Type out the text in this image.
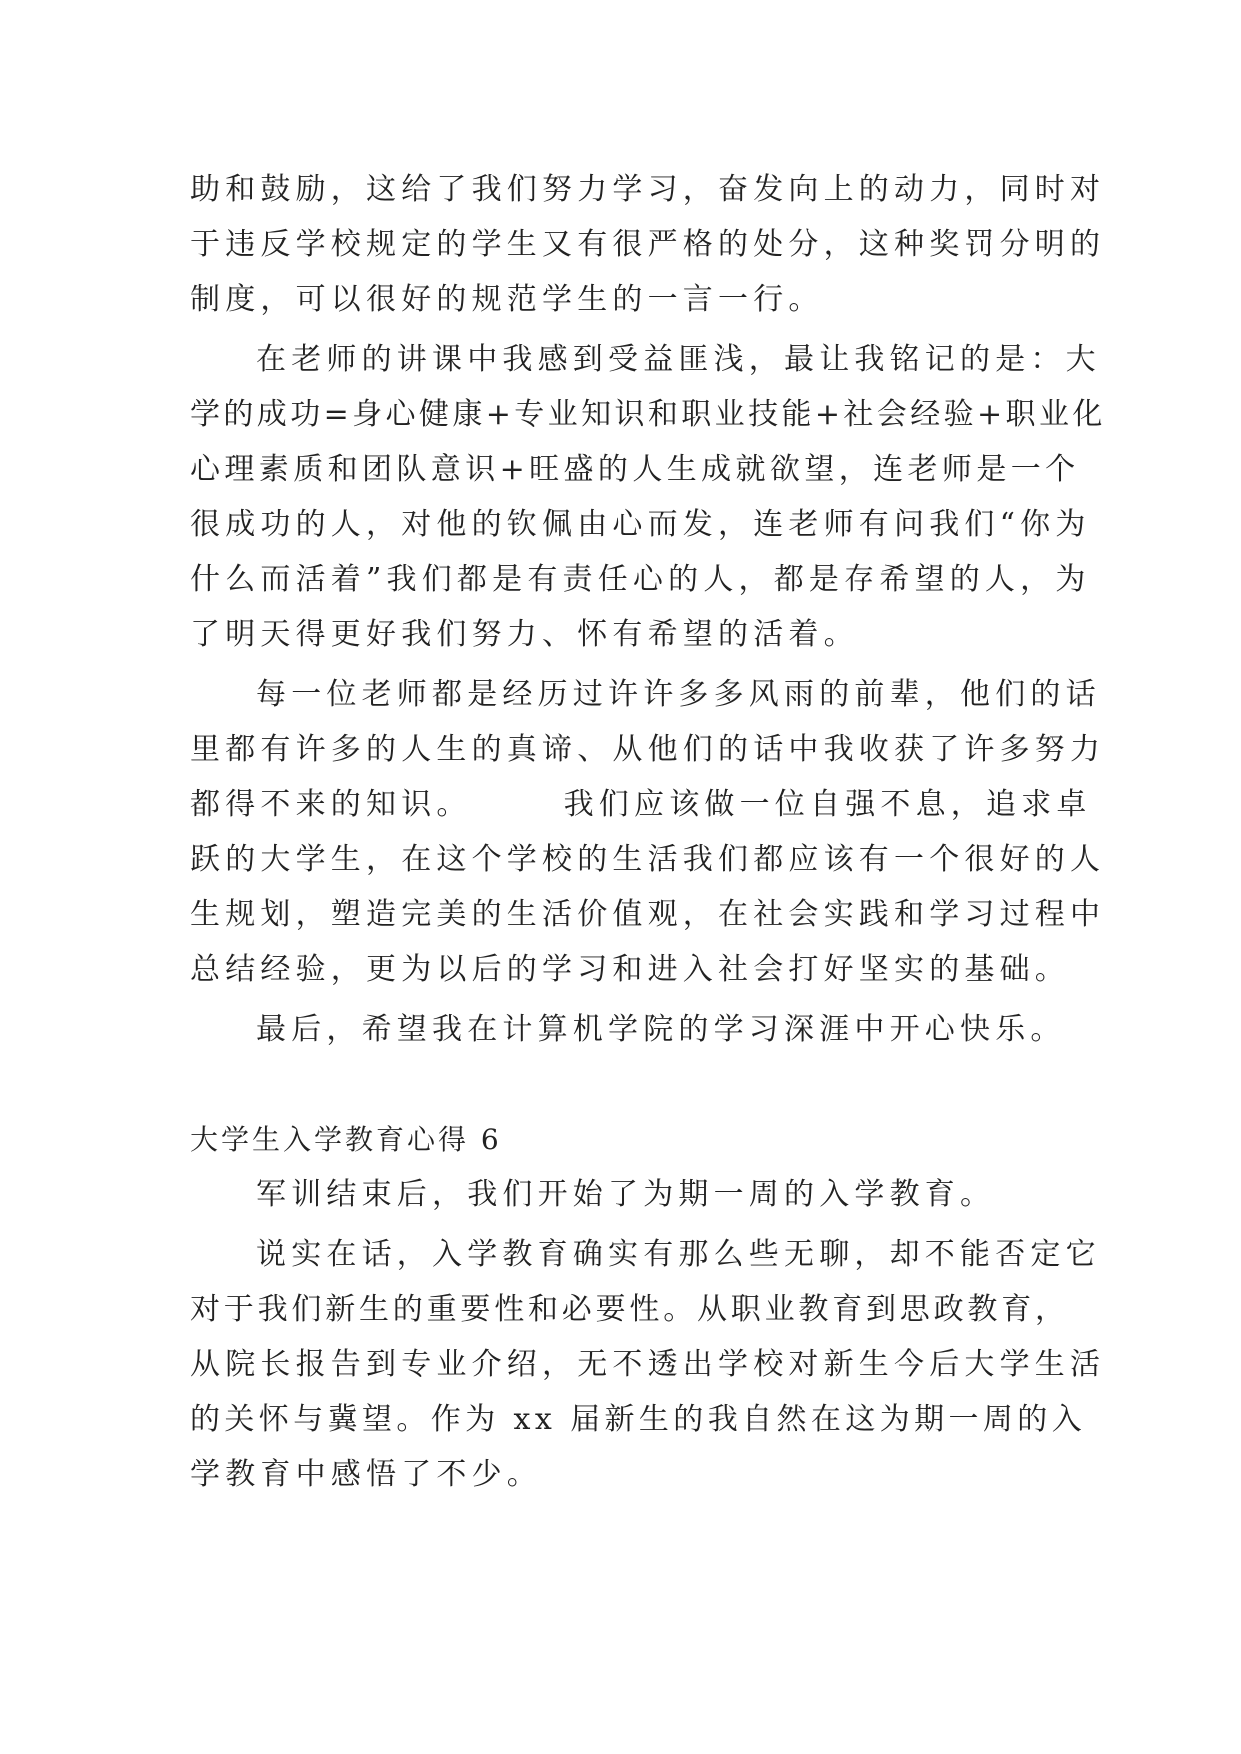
助和鼓励，这给了我们努力学习，奋发向上的动力，同时对
于违反学校规定的学生又有很严格的处分，这种奖罚分明的
制度，可以很好的规范学生的一言一行。
在老师的讲课中我感到受益匪浅，最让我铭记的是：大
学的成功=身心健康+专业知识和职业技能+社会经验+职业化
心理素质和团队意识+旺盛的人生成就欲望，连老师是一个
很成功的人，对他的钦佩由心而发，连老师有问我们“你为
什么而活着”我们都是有责任心的人，都是存希望的人，为
了明天得更好我们努力、怀有希望的活着。
每一位老师都是经历过许许多多风雨的前辈，他们的话
里都有许多的人生的真谛、从他们的话中我收获了许多努力
都得不来的知识。	我们应该做一位自强不息，追求卓
跃的大学生，在这个学校的生活我们都应该有一个很好的人
生规划，塑造完美的生活价值观，在社会实践和学习过程中
总结经验，更为以后的学习和进入社会打好坚实的基础。
最后，希望我在计算机学院的学习深涯中开心快乐。
大学生入学教育心得 6
军训结束后，我们开始了为期一周的入学教育。
说实在话，入学教育确实有那么些无聊，却不能否定它
对于我们新生的重要性和必要性。从职业教育到思政教育，
从院长报告到专业介绍，无不透出学校对新生今后大学生活
的关怀与冀望。作为 xx 届新生的我自然在这为期一周的入
学教育中感悟了不少。
